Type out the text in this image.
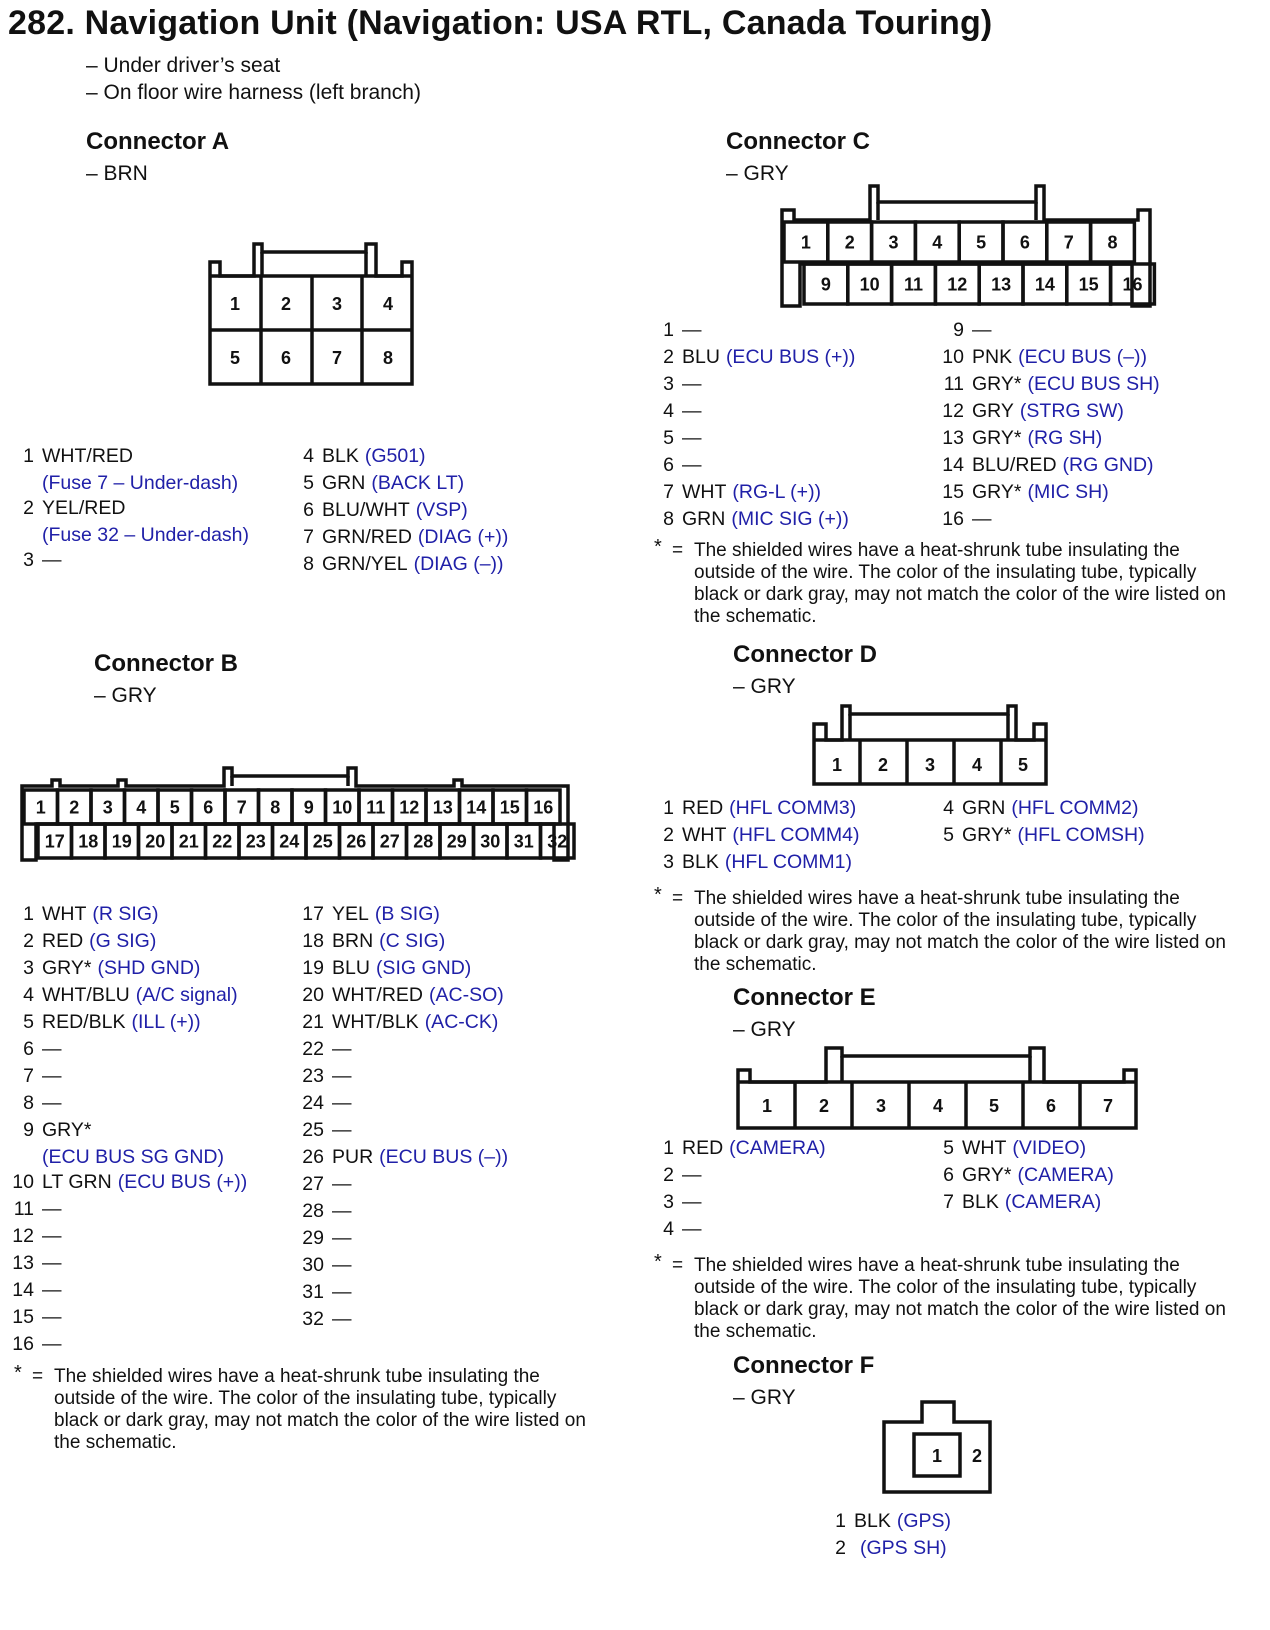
282. Navigation Unit (Navigation: USA RTL, Canada Touring)
– Under driver’s seat
– On floor wire harness (left branch)
Connector A
– BRN
1 2 3 4
5 6 7 8
1 WHT/RED
(Fuse 7 – Under-dash)
2 YEL/RED
(Fuse 32 – Under-dash)
3 —
4 BLK (G501)
5 GRN (BACK LT)
6 BLU/WHT (VSP)
7 GRN/RED (DIAG (+))
8 GRN/YEL (DIAG (–))
Connector B
– GRY
1 2 3 4 5 6 7 8 9 10 11 12 13 14 15 16
17 18 19 20 21 22 23 24 25 26 27 28 29 30 31 32
1 WHT (R SIG)
2 RED (G SIG)
3 GRY* (SHD GND)
4 WHT/BLU (A/C signal)
5 RED/BLK (ILL (+))
6 —
7 —
8 —
9 GRY*
(ECU BUS SG GND)
10 LT GRN (ECU BUS (+))
11 —
12 —
13 —
14 —
15 —
16 —
17 YEL (B SIG)
18 BRN (C SIG)
19 BLU (SIG GND)
20 WHT/RED (AC-SO)
21 WHT/BLK (AC-CK)
22 —
23 —
24 —
25 —
26 PUR (ECU BUS (–))
27 —
28 —
29 —
30 —
31 —
32 —
* = The shielded wires have a heat-shrunk tube insulating the outside of the wire. The color of the insulating tube, typically black or dark gray, may not match the color of the wire listed on the schematic.
Connector C
– GRY
1 2 3 4 5 6 7 8
9 10 11 12 13 14 15 16
1 —
2 BLU (ECU BUS (+))
3 —
4 —
5 —
6 —
7 WHT (RG-L (+))
8 GRN (MIC SIG (+))
9 —
10 PNK (ECU BUS (–))
11 GRY* (ECU BUS SH)
12 GRY (STRG SW)
13 GRY* (RG SH)
14 BLU/RED (RG GND)
15 GRY* (MIC SH)
16 —
* = The shielded wires have a heat-shrunk tube insulating the outside of the wire. The color of the insulating tube, typically black or dark gray, may not match the color of the wire listed on the schematic.
Connector D
– GRY
1 2 3 4 5
1 RED (HFL COMM3)
2 WHT (HFL COMM4)
3 BLK (HFL COMM1)
4 GRN (HFL COMM2)
5 GRY* (HFL COMSH)
* = The shielded wires have a heat-shrunk tube insulating the outside of the wire. The color of the insulating tube, typically black or dark gray, may not match the color of the wire listed on the schematic.
Connector E
– GRY
1	2	3	4	5	6	7
1 RED (CAMERA)
2 —
3 —
4 —
5 WHT (VIDEO)
6 GRY* (CAMERA)
7 BLK (CAMERA)
* = The shielded wires have a heat-shrunk tube insulating the outside of the wire. The color of the insulating tube, typically black or dark gray, may not match the color of the wire listed on the schematic.
Connector F
– GRY
1 2
1 BLK (GPS)
2 (GPS SH)
